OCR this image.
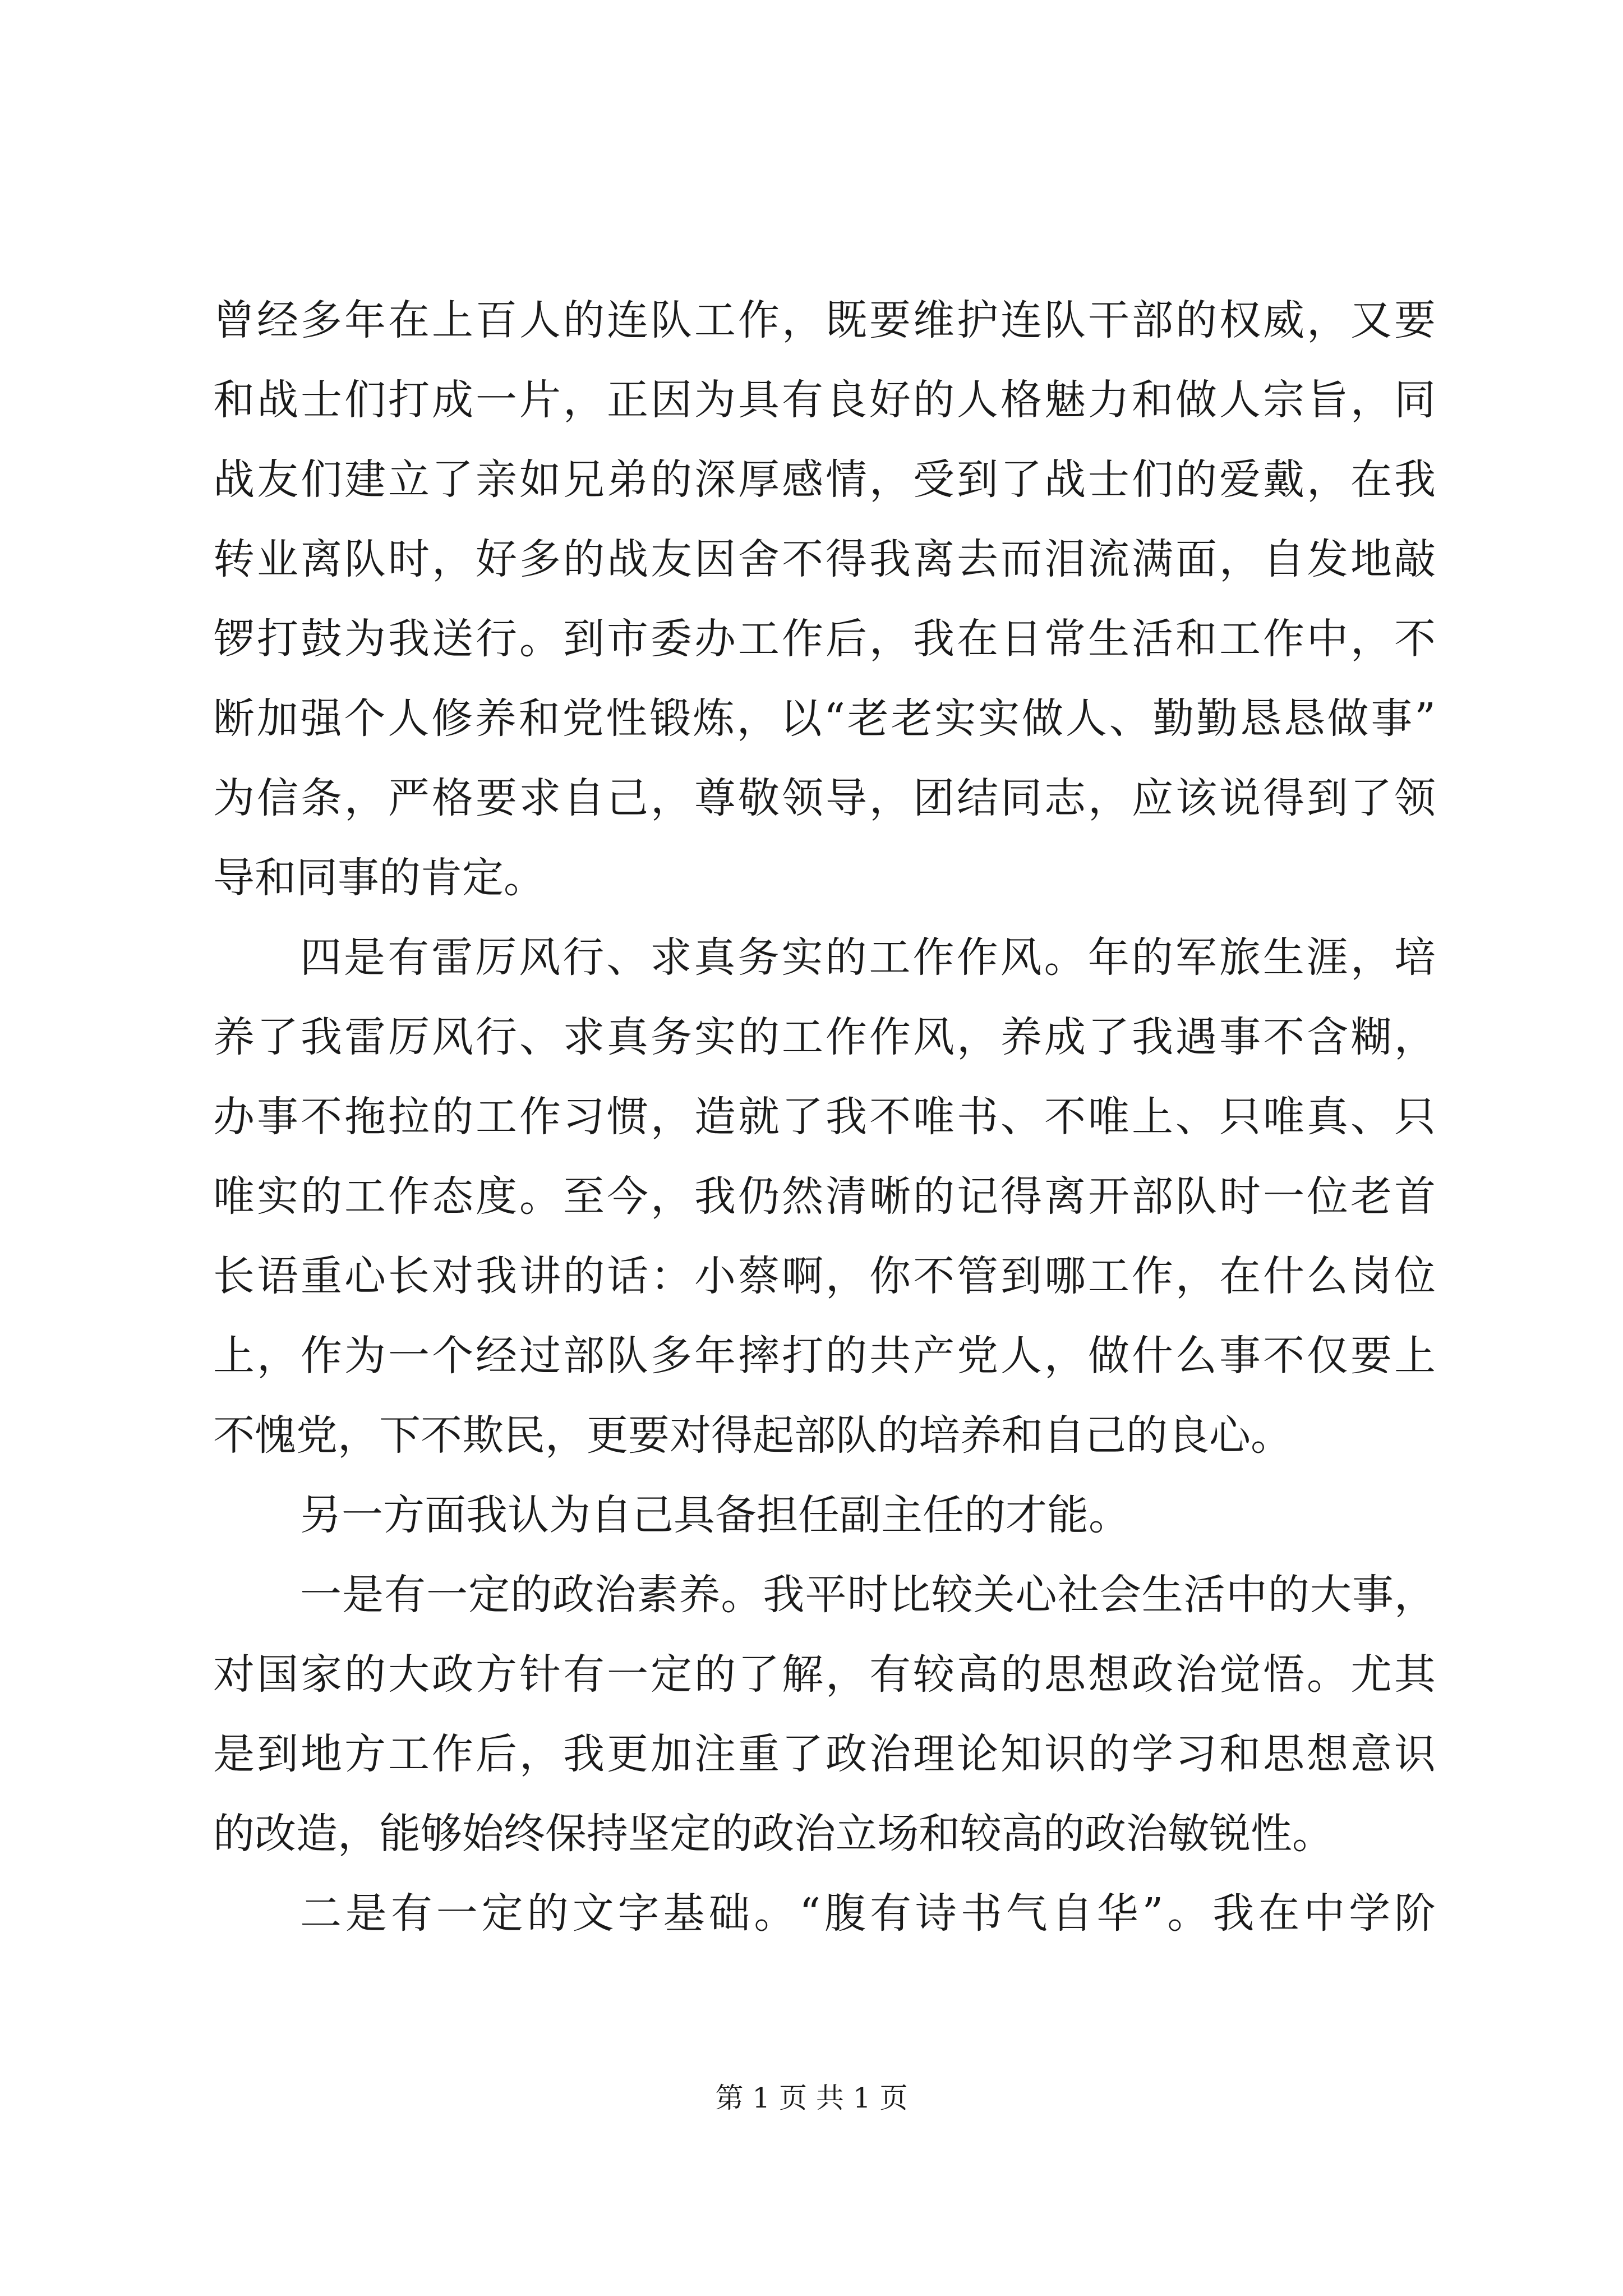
曾经多年在上百人的连队工作，既要维护连队干部的权威，又要
和战士们打成一片，正因为具有良好的人格魅力和做人宗旨，同
战友们建立了亲如兄弟的深厚感情，受到了战士们的爱戴，在我
转业离队时，好多的战友因舍不得我离去而泪流满面，自发地敲
锣打鼓为我送行。到市委办工作后，我在日常生活和工作中，不
断加强个人修养和党性锻炼，以“老老实实做人、勤勤恳恳做事”
为信条，严格要求自己，尊敬领导，团结同志，应该说得到了领
导和同事的肯定。
四是有雷厉风行、求真务实的工作作风。年的军旅生涯，培
养了我雷厉风行、求真务实的工作作风，养成了我遇事不含糊，
办事不拖拉的工作习惯，造就了我不唯书、不唯上、只唯真、只
唯实的工作态度。至今，我仍然清晰的记得离开部队时一位老首
长语重心长对我讲的话：小蔡啊，你不管到哪工作，在什么岗位
上，作为一个经过部队多年摔打的共产党人，做什么事不仅要上
不愧党，下不欺民，更要对得起部队的培养和自己的良心。
另一方面我认为自己具备担任副主任的才能。
一是有一定的政治素养。我平时比较关心社会生活中的大事，
对国家的大政方针有一定的了解，有较高的思想政治觉悟。尤其
是到地方工作后，我更加注重了政治理论知识的学习和思想意识
的改造，能够始终保持坚定的政治立场和较高的政治敏锐性。
二是有一定的文字基础。“腹有诗书气自华”。我在中学阶
第 1 页 共 1 页
